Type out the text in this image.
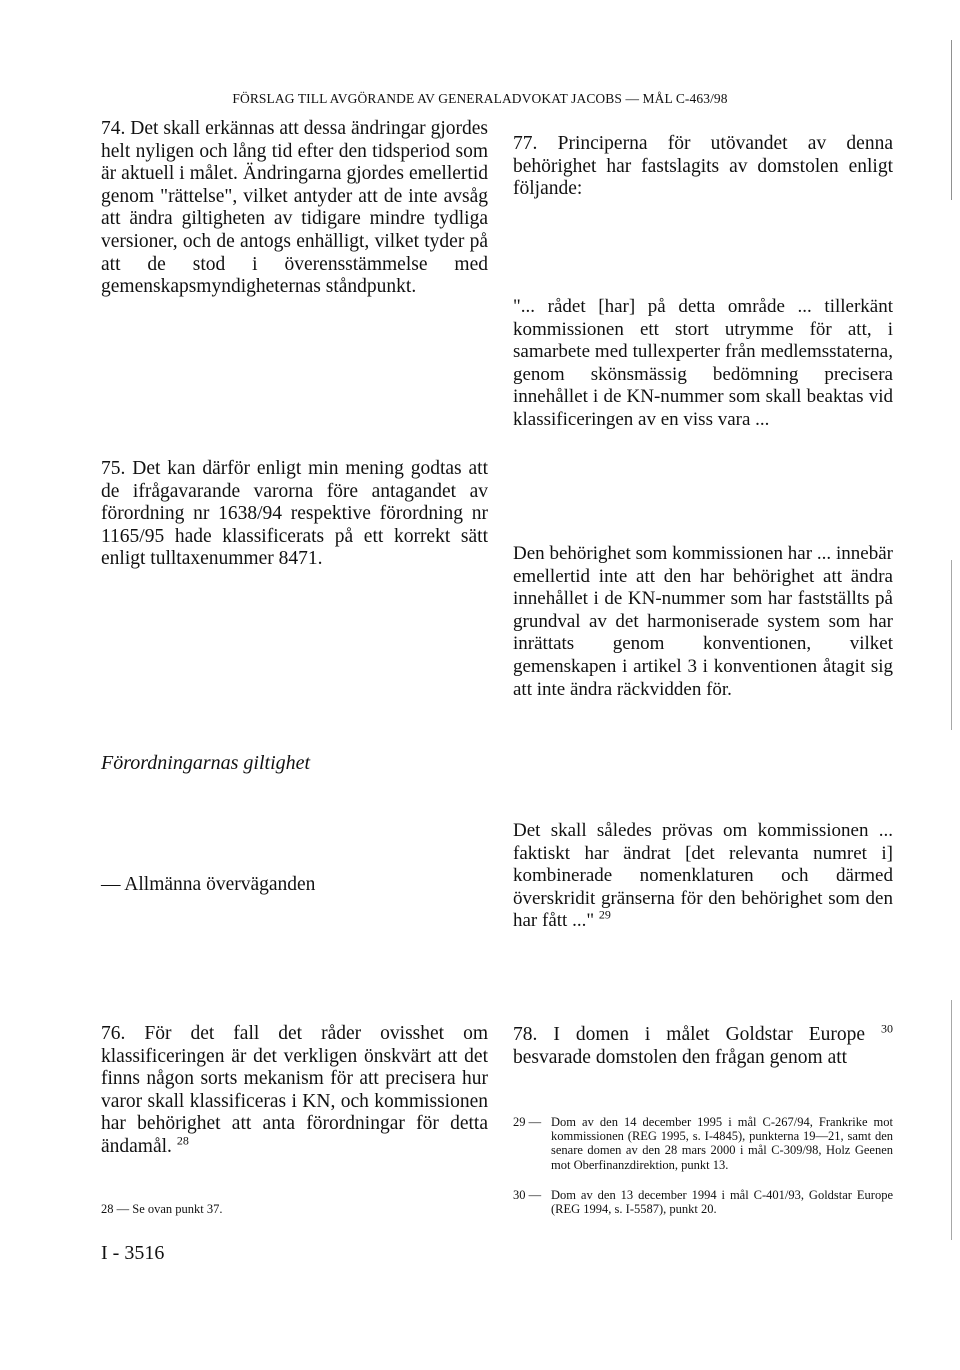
FÖRSLAG TILL AVGÖRANDE AV GENERALADVOKAT JACOBS — MÅL C-463/98

74. Det skall erkännas att dessa ändringar gjordes helt nyligen och lång tid efter den tidsperiod som är aktuell i målet. Ändringarna gjordes emellertid genom "rättelse", vilket antyder att de inte avsåg att ändra giltigheten av tidigare mindre tydliga versioner, och de antogs enhälligt, vilket tyder på att de stod i överensstämmelse med gemenskapsmyndigheternas ståndpunkt.

75. Det kan därför enligt min mening godtas att de ifrågavarande varorna före antagandet av förordning nr 1638/94 respektive förordning nr 1165/95 hade klassificerats på ett korrekt sätt enligt tulltaxenummer 8471.

Förordningarnas giltighet
— Allmänna överväganden

76. För det fall det råder ovisshet om klassificeringen är det verkligen önskvärt att det finns någon sorts mekanism för att precisera hur varor skall klassificeras i KN, och kommissionen har behörighet att anta förordningar för detta ändamål. $^{28}$

28 — Se ovan punkt 37.
I - 3516

77. Principerna för utövandet av denna behörighet har fastslagits av domstolen enligt följande:

"... rådet [har] på detta område ... tillerkänt kommissionen ett stort utrymme för att, i samarbete med tullexperter från medlemsstaterna, genom skönsmässig bedömning precisera innehållet i de KN-nummer som skall beaktas vid klassificeringen av en viss vara ...

Den behörighet som kommissionen har ... innebär emellertid inte att den har behörighet att ändra innehållet i de KN-nummer som har fastställts på grundval av det harmoniserade system som har inrättats genom konventionen, vilket gemenskapen i artikel 3 i konventionen åtagit sig att inte ändra räckvidden för.

Det skall således prövas om kommissionen ... faktiskt har ändrat [det relevanta numret i] kombinerade nomenklaturen och därmed överskridit gränserna för den behörighet som den har fått ..." $^{29}$

78. I domen i målet Goldstar Europe $^{30}$ besvarade domstolen den frågan genom att

29 — Dom av den 14 december 1995 i mål C-267/94, Frankrike mot kommissionen (REG 1995, s. I-4845), punkterna 19—21, samt den senare domen av den 28 mars 2000 i mål C-309/98, Holz Geenen mot Oberfinanzdirektion, punkt 13.
30 — Dom av den 13 december 1994 i mål C-401/93, Goldstar Europe (REG 1994, s. I-5587), punkt 20.
